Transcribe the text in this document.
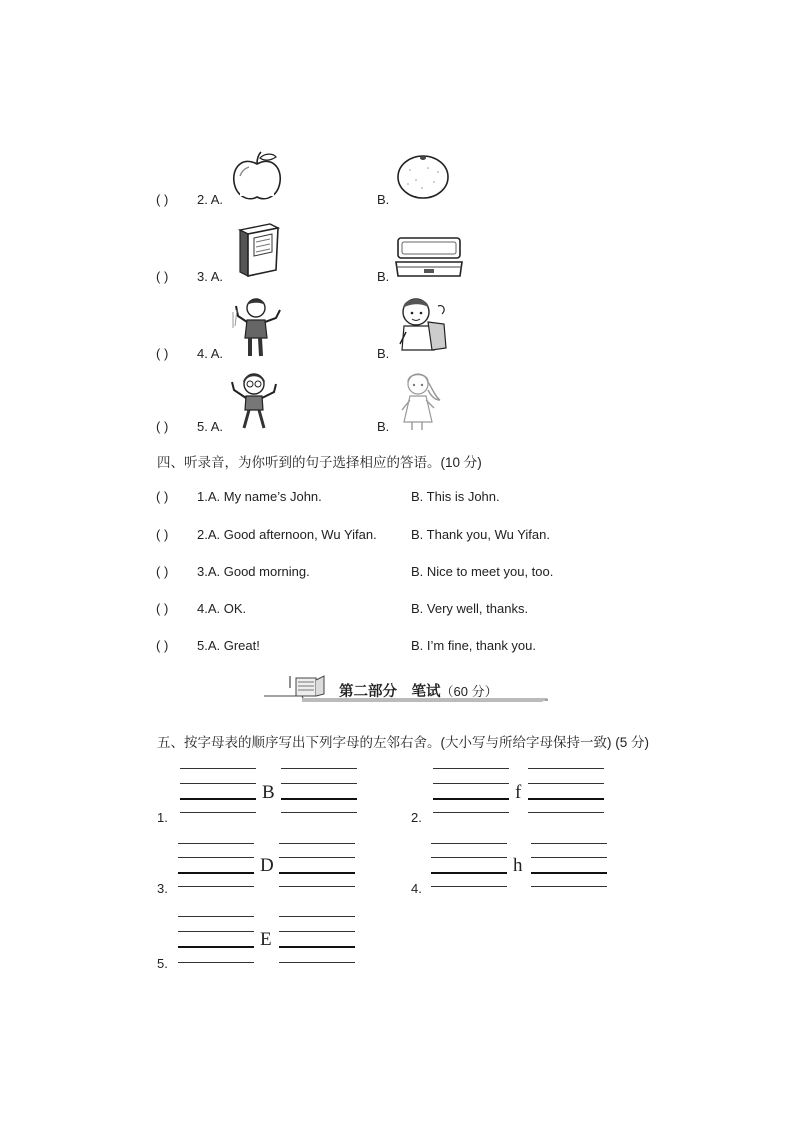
( ) 2. A.	B.
( ) 3. A.	B.
( ) 4. A.	B.
( ) 5. A.	B.
四、听录音，为你听到的句子选择相应的答语。(10 分)
( ) 1.A. My name’s John.	B. This is John.
( ) 2.A. Good afternoon, Wu Yifan.	B. Thank you, Wu Yifan.
( ) 3.A. Good morning.	B. Nice to meet you, too.
( ) 4.A. OK.	B. Very well, thanks.
( ) 5.A. Great!	B. I’m fine, thank you.
第二部分　笔试（60 分）
五、按字母表的顺序写出下列字母的左邻右舍。(大小写与所给字母保持一致) (5 分)
B
1.
f
2.
D
3.
h
4.
E
5.
